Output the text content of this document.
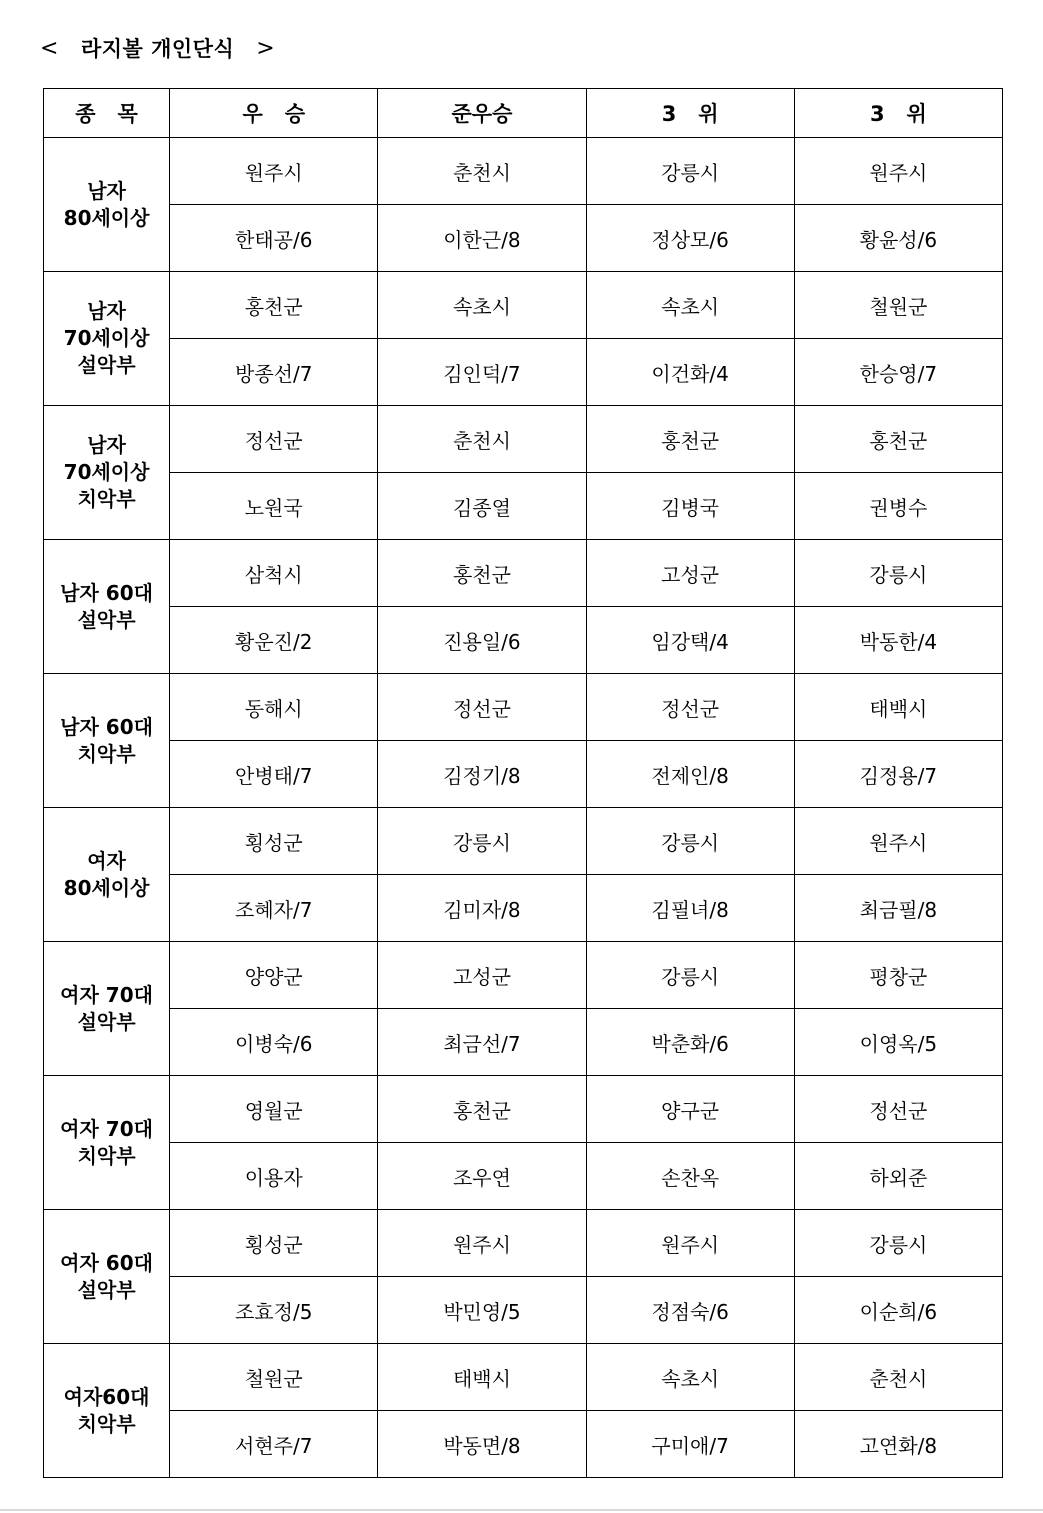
< 라지볼 개인단식 >
종   목	우   승	준우승	3   위	3   위

남자
80세이상	원주시	춘천시	강릉시	원주시
	한태공/6	이한근/8	정상모/6	황윤성/6

남자
70세이상
설악부	홍천군	속초시	속초시	철원군
	방종선/7	김인덕/7	이건화/4	한승영/7

남자
70세이상
치악부	정선군	춘천시	홍천군	홍천군
	노원국	김종열	김병국	권병수

남자 60대
설악부	삼척시	홍천군	고성군	강릉시
	황운진/2	진용일/6	임강택/4	박동한/4

남자 60대
치악부	동해시	정선군	정선군	태백시
	안병태/7	김정기/8	전제인/8	김정용/7

여자
80세이상	횡성군	강릉시	강릉시	원주시
	조혜자/7	김미자/8	김필녀/8	최금필/8

여자 70대
설악부	양양군	고성군	강릉시	평창군
	이병숙/6	최금선/7	박춘화/6	이영옥/5

여자 70대
치악부	영월군	홍천군	양구군	정선군
	이용자	조우연	손찬옥	하외준

여자 60대
설악부	횡성군	원주시	원주시	강릉시
	조효정/5	박민영/5	정점숙/6	이순희/6

여자60대
치악부	철원군	태백시	속초시	춘천시
	서현주/7	박동면/8	구미애/7	고연화/8
